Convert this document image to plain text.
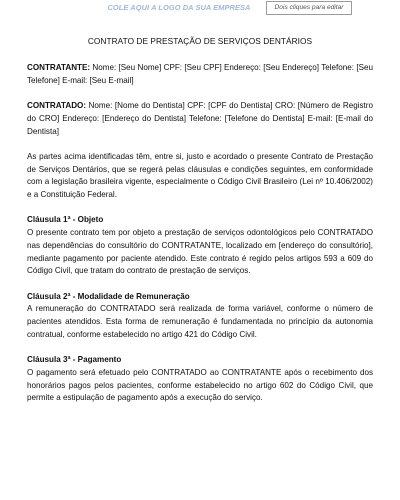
COLE AQUI A LOGO DA SUA EMPRESA	Dois cliques para editar
CONTRATO DE PRESTAÇÃO DE SERVIÇOS DENTÁRIOS

CONTRATANTE: Nome: [Seu Nome] CPF: [Seu CPF] Endereço: [Seu Endereço] Telefone: [Seu Telefone] E-mail: [Seu E-mail]

CONTRATADO: Nome: [Nome do Dentista] CPF: [CPF do Dentista] CRO: [Número de Registro do CRO] Endereço: [Endereço do Dentista] Telefone: [Telefone do Dentista] E-mail: [E-mail do Dentista]

As partes acima identificadas têm, entre si, justo e acordado o presente Contrato de Prestação de Serviços Dentários, que se regerá pelas cláusulas e condições seguintes, em conformidade com a legislação brasileira vigente, especialmente o Código Civil Brasileiro (Lei nº 10.406/2002) e a Constituição Federal.

Cláusula 1ª - Objeto

O presente contrato tem por objeto a prestação de serviços odontológicos pelo CONTRATADO nas dependências do consultório do CONTRATANTE, localizado em [endereço do consultório], mediante pagamento por paciente atendido. Este contrato é regido pelos artigos 593 a 609 do Código Civil, que tratam do contrato de prestação de serviços.

Cláusula 2ª - Modalidade de Remuneração

A remuneração do CONTRATADO será realizada de forma variável, conforme o número de pacientes atendidos. Esta forma de remuneração é fundamentada no princípio da autonomia contratual, conforme estabelecido no artigo 421 do Código Civil.

Cláusula 3ª - Pagamento

O pagamento será efetuado pelo CONTRATADO ao CONTRATANTE após o recebimento dos honorários pagos pelos pacientes, conforme estabelecido no artigo 602 do Código Civil, que permite a estipulação de pagamento após a execução do serviço.
